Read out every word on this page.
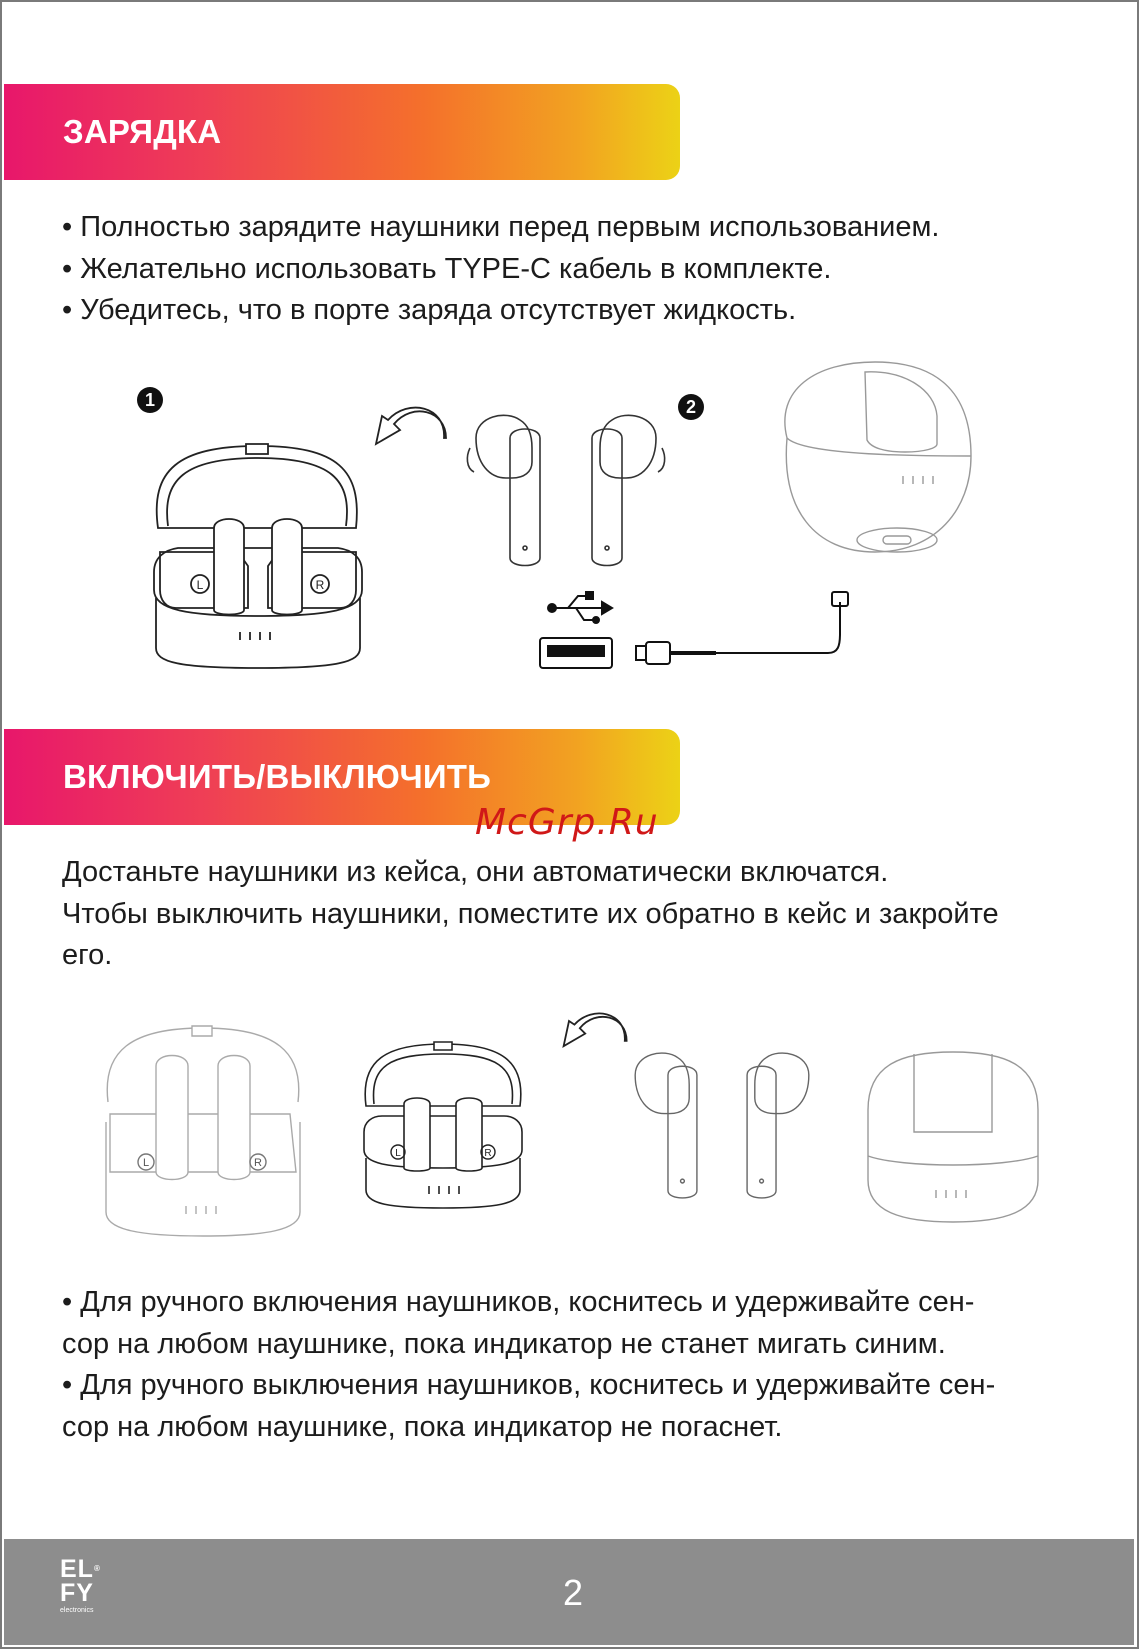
ЗАРЯДКА

• Полностью зарядите наушники перед первым использованием.

• Желательно использовать TYPE-C кабель в комплекте.

• Убедитесь, что в порте заряда отсутствует жидкость.

1	2
L	R
ВКЛЮЧИТЬ/ВЫКЛЮЧИТЬ
McGrp.Ru

Достаньте наушники из кейса, они автоматически включатся.

Чтобы выключить наушники, поместите их обратно в кейс и закройте

его.

L	R
L	R

• Для ручного включения наушников, коснитесь и удерживайте сен-

сор на любом наушнике, пока индикатор не станет мигать синим.

• Для ручного выключения наушников, коснитесь и удерживайте сен-

сор на любом наушнике, пока индикатор не погаснет.

EL®
FY
electronics	2
